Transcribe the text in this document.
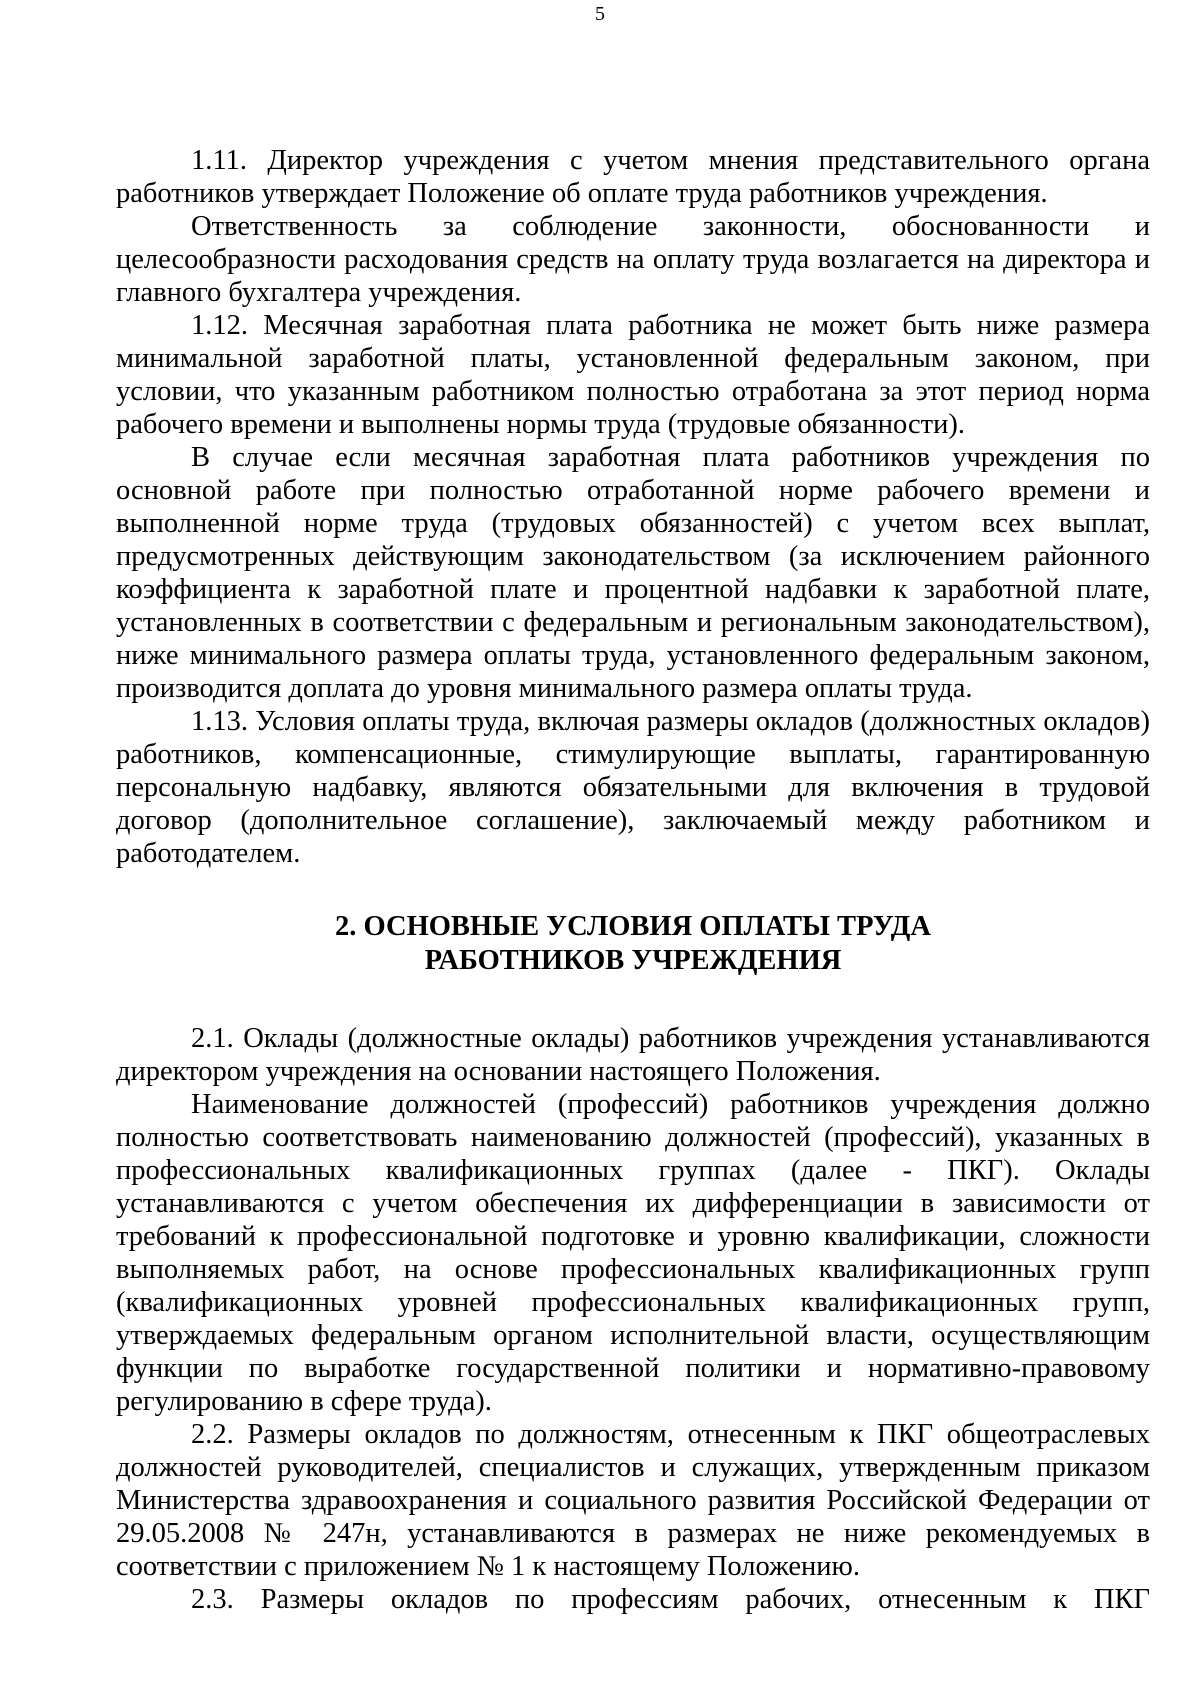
5

1.11. Директор учреждения с учетом мнения представительного органа работников утверждает Положение об оплате труда работников учреждения.

Ответственность за соблюдение законности, обоснованности и целесообразности расходования средств на оплату труда возлагается на директора и главного бухгалтера учреждения.

1.12. Месячная заработная плата работника не может быть ниже размера минимальной заработной платы, установленной федеральным законом, при условии, что указанным работником полностью отработана за этот период норма рабочего времени и выполнены нормы труда (трудовые обязанности).

В случае если месячная заработная плата работников учреждения по основной работе при полностью отработанной норме рабочего времени и выполненной норме труда (трудовых обязанностей) с учетом всех выплат, предусмотренных действующим законодательством (за исключением районного коэффициента к заработной плате и процентной надбавки к заработной плате, установленных в соответствии с федеральным и региональным законодательством), ниже минимального размера оплаты труда, установленного федеральным законом, производится доплата до уровня минимального размера оплаты труда.

1.13. Условия оплаты труда, включая размеры окладов (должностных окладов) работников, компенсационные, стимулирующие выплаты, гарантированную персональную надбавку, являются обязательными для включения в трудовой договор (дополнительное соглашение), заключаемый между работником и работодателем.

2. ОСНОВНЫЕ УСЛОВИЯ ОПЛАТЫ ТРУДА
РАБОТНИКОВ УЧРЕЖДЕНИЯ

2.1. Оклады (должностные оклады) работников учреждения устанавливаются директором учреждения на основании настоящего Положения.

Наименование должностей (профессий) работников учреждения должно полностью соответствовать наименованию должностей (профессий), указанных в профессиональных квалификационных группах (далее - ПКГ). Оклады устанавливаются с учетом обеспечения их дифференциации в зависимости от требований к профессиональной подготовке и уровню квалификации, сложности выполняемых работ, на основе профессиональных квалификационных групп (квалификационных уровней профессиональных квалификационных групп, утверждаемых федеральным органом исполнительной власти, осуществляющим функции по выработке государственной политики и нормативно-правовому регулированию в сфере труда).

2.2. Размеры окладов по должностям, отнесенным к ПКГ общеотраслевых должностей руководителей, специалистов и служащих, утвержденным приказом Министерства здравоохранения и социального развития Российской Федерации от 29.05.2008 № 247н, устанавливаются в размерах не ниже рекомендуемых в соответствии с приложением № 1 к настоящему Положению.

2.3. Размеры окладов по профессиям рабочих, отнесенным к ПКГ
